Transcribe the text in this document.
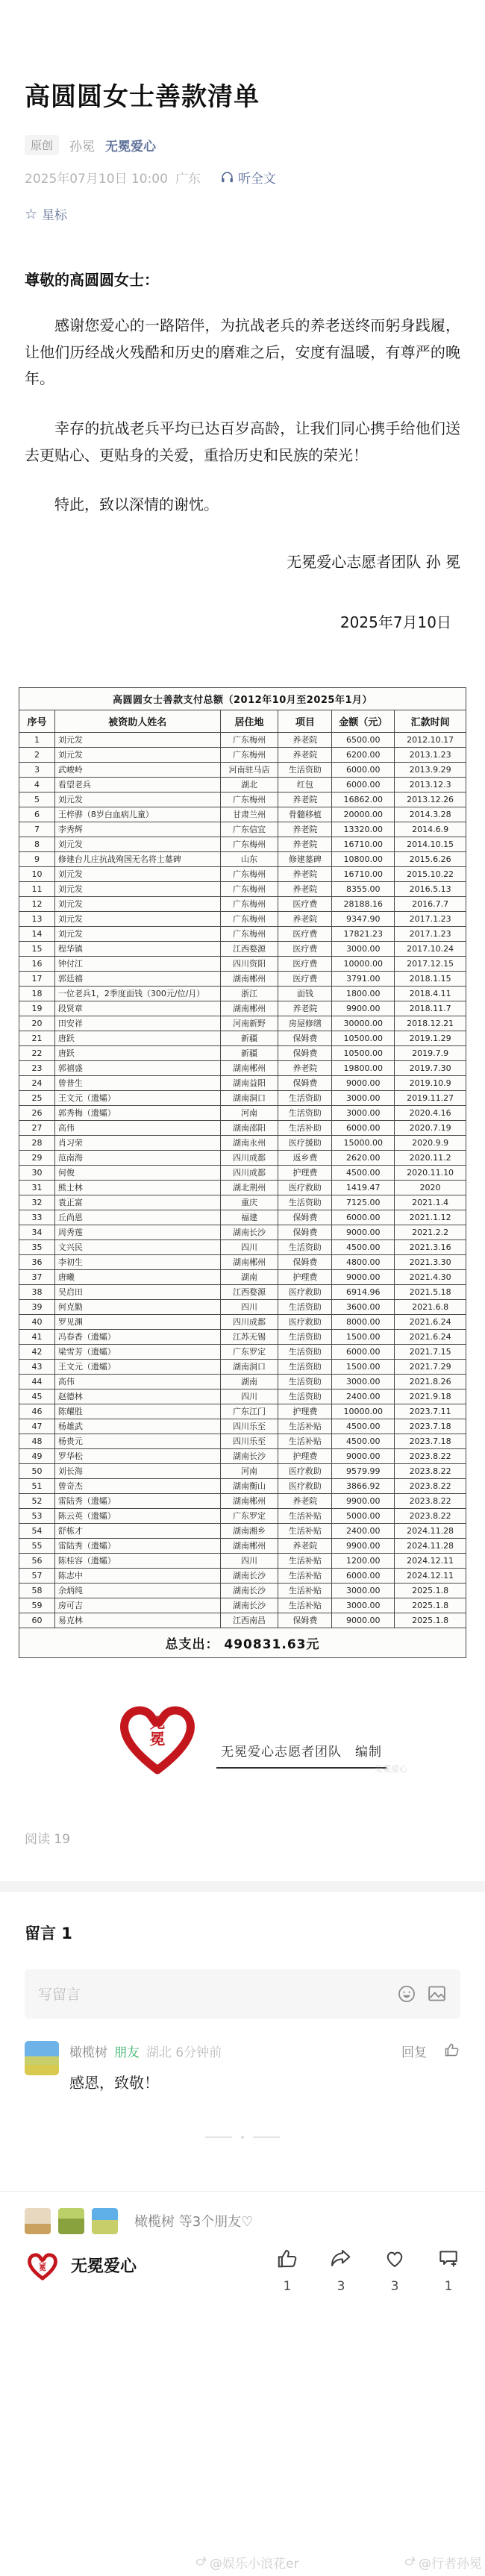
高圆圆女士善款清单
原创	孙冕 无冕爱心
2025年07月10日 10:00 广东	听全文
☆ 星标
尊敬的高圆圆女士：

感谢您爱心的一路陪伴，为抗战老兵的养老送终而躬身践履，让他们历经战火残酷和历史的磨难之后，安度有温暖，有尊严的晚年。

幸存的抗战老兵平均已达百岁高龄，让我们同心携手给他们送去更贴心、更贴身的关爱，重拾历史和民族的荣光！

特此，致以深情的谢忱。

无冕爱心志愿者团队 孙 冕
2025年7月10日
高圆圆女士善款支付总额（2012年10月至2025年1月）					
序号	被资助人姓名	居住地	项目	金额（元）	汇款时间
1	刘元发	广东梅州	养老院	6500.00	2012.10.17
2	刘元发	广东梅州	养老院	6200.00	2013.1.23
3	武峻岭	河南驻马店	生活资助	6000.00	2013.9.29
4	看望老兵	湖北	红包	6000.00	2013.12.3
5	刘元发	广东梅州	养老院	16862.00	2013.12.26
6	王梓骅（8岁白血病儿童）	甘肃兰州	骨髓移植	20000.00	2014.3.28
7	李秀辉	广东信宜	养老院	13320.00	2014.6.9
8	刘元发	广东梅州	养老院	16710.00	2014.10.15
9	修建台儿庄抗战殉国无名将士墓碑	山东	修建墓碑	10800.00	2015.6.26
10	刘元发	广东梅州	养老院	16710.00	2015.10.22
11	刘元发	广东梅州	养老院	8355.00	2016.5.13
12	刘元发	广东梅州	医疗费	28188.16	2016.7.7
13	刘元发	广东梅州	养老院	9347.90	2017.1.23
14	刘元发	广东梅州	医疗费	17821.23	2017.1.23
15	程华镇	江西婺源	医疗费	3000.00	2017.10.24
16	钟付江	四川资阳	医疗费	10000.00	2017.12.15
17	郭廷禧	湖南郴州	医疗费	3791.00	2018.1.15
18	一位老兵1，2季度面钱（300元/位/月）	浙江	面钱	1800.00	2018.4.11
19	段贤章	湖南郴州	养老院	9900.00	2018.11.7
20	田安祥	河南新野	房屋修缮	30000.00	2018.12.21
21	唐跃	新疆	保姆费	10500.00	2019.1.29
22	唐跃	新疆	保姆费	10500.00	2019.7.9
23	郭禧盛	湖南郴州	养老院	19800.00	2019.7.30
24	曾普生	湖南益阳	保姆费	9000.00	2019.10.9
25	王文元（遗孀）	湖南洞口	生活资助	3000.00	2019.11.27
26	郭秀梅（遗孀）	河南	生活资助	3000.00	2020.4.16
27	高伟	湖南邵阳	生活补助	6000.00	2020.7.19
28	肖习荣	湖南永州	医疗援助	15000.00	2020.9.9
29	范南海	四川成都	返乡费	2620.00	2020.11.2
30	何俊	四川成都	护理费	4500.00	2020.11.10
31	熊士林	湖北荆州	医疗救助	1419.47	2020
32	袁正富	重庆	生活资助	7125.00	2021.1.4
33	丘尚恩	福建	保姆费	6000.00	2021.1.12
34	周秀莲	湖南长沙	保姆费	9000.00	2021.2.2
35	文兴民	四川	生活资助	4500.00	2021.3.16
36	李初生	湖南郴州	保姆费	4800.00	2021.3.30
37	唐曦	湖南	护理费	9000.00	2021.4.30
38	吴启田	江西婺源	医疗救助	6914.96	2021.5.18
39	何克勤	四川	生活资助	3600.00	2021.6.8
40	罗见渊	四川成都	医疗救助	8000.00	2021.6.24
41	冯春香（遗孀）	江苏无锡	生活资助	1500.00	2021.6.24
42	梁雪芳（遗孀）	广东罗定	生活资助	6000.00	2021.7.15
43	王文元（遗孀）	湖南洞口	生活资助	1500.00	2021.7.29
44	高伟	湖南	生活资助	3000.00	2021.8.26
45	赵德林	四川	生活资助	2400.00	2021.9.18
46	陈耀胜	广东江门	护理费	10000.00	2023.7.11
47	杨雄武	四川乐至	生活补贴	4500.00	2023.7.18
48	杨贵元	四川乐至	生活补贴	4500.00	2023.7.18
49	罗华松	湖南长沙	护理费	9000.00	2023.8.22
50	刘长海	河南	医疗救助	9579.99	2023.8.22
51	曾奇杰	湖南衡山	医疗救助	3866.92	2023.8.22
52	雷陆秀（遗孀）	湖南郴州	养老院	9900.00	2023.8.22
53	陈云英（遗孀）	广东罗定	生活补贴	5000.00	2023.8.22
54	舒栋才	湖南湘乡	生活补贴	2400.00	2024.11.28
55	雷陆秀（遗孀）	湖南郴州	养老院	9900.00	2024.11.28
56	陈桂容（遗孀）	四川	生活补贴	1200.00	2024.12.11
57	陈志中	湖南长沙	生活补贴	6000.00	2024.12.11
58	余炳纯	湖南长沙	生活补贴	3000.00	2025.1.8
59	房可吉	湖南长沙	生活补贴	3000.00	2025.1.8
60	易克林	江西南昌	保姆费	9000.00	2025.1.8
总支出： 490831.63元					
无
冕
无冕爱心志愿者团队　编制
无冕爱心
阅读 19
留言 1
写留言
橄榄树 朋友 湖北 6分钟前	回复
感恩，致敬！
橄榄树 等3个朋友♡
无
冕 无冕爱心
1	3	3	1
@娱乐小浪花er	@行者孙冕
